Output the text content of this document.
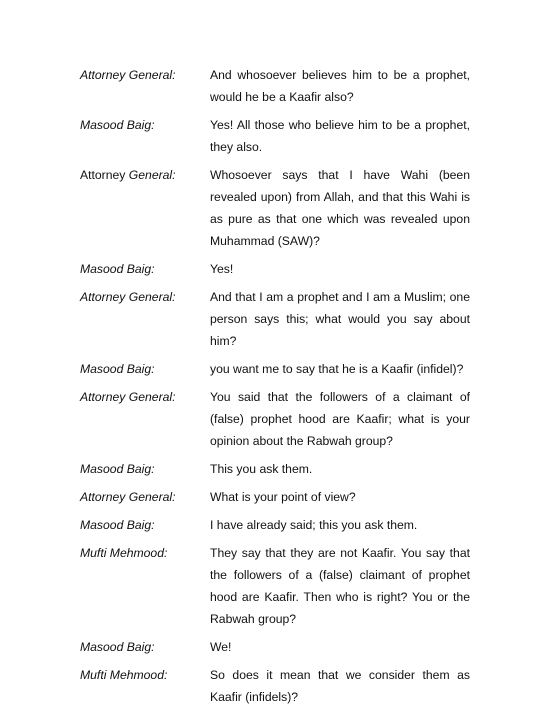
Attorney General:	And whosoever believes him to be a prophet, would he be a Kaafir also?
Masood Baig:	Yes! All those who believe him to be a prophet, they also.
Attorney General:	Whosoever says that I have Wahi (been revealed upon) from Allah, and that this Wahi is as pure as that one which was revealed upon Muhammad (SAW)?
Masood Baig:	Yes!
Attorney General:	And that I am a prophet and I am a Muslim; one person says this; what would you say about him?
Masood Baig:	you want me to say that he is a Kaafir (infidel)?
Attorney General:	You said that the followers of a claimant of (false) prophet hood are Kaafir; what is your opinion about the Rabwah group?
Masood Baig:	This you ask them.
Attorney General:	What is your point of view?
Masood Baig:	I have already said; this you ask them.
Mufti Mehmood:	They say that they are not Kaafir. You say that the followers of a (false) claimant of prophet hood are Kaafir. Then who is right? You or the Rabwah group?
Masood Baig:	We!
Mufti Mehmood:	So does it mean that we consider them as Kaafir (infidels)?
